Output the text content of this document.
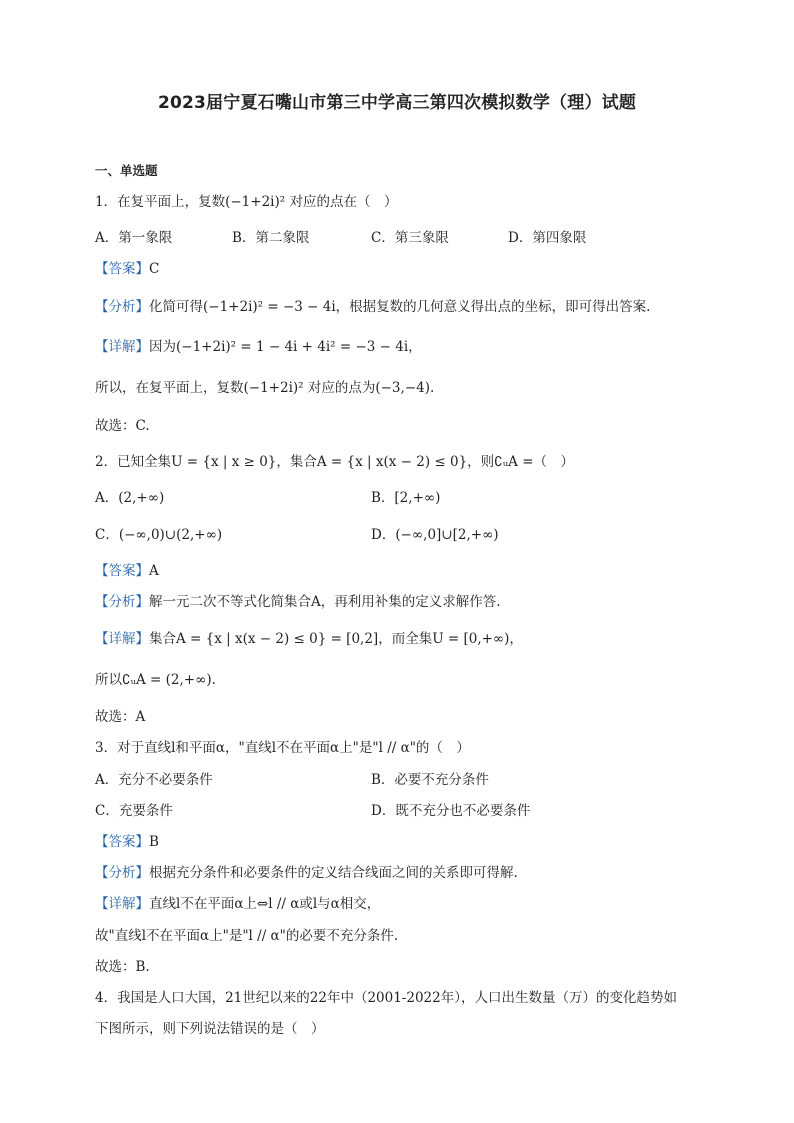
2023届宁夏石嘴山市第三中学高三第四次模拟数学（理）试题
一、单选题
1．在复平面上，复数(−1+2i)² 对应的点在（　）
A．第一象限	B．第二象限	C．第三象限	D．第四象限
【答案】C
【分析】化简可得(−1+2i)² = −3 − 4i，根据复数的几何意义得出点的坐标，即可得出答案.
【详解】因为(−1+2i)² = 1 − 4i + 4i² = −3 − 4i，
所以，在复平面上，复数(−1+2i)² 对应的点为(−3,−4).
故选：C.
2．已知全集U = {x | x ≥ 0}，集合A = {x | x(x − 2) ≤ 0}，则∁ᵤA =（　）
A．(2,+∞)	B．[2,+∞)
C．(−∞,0)∪(2,+∞)	D．(−∞,0]∪[2,+∞)
【答案】A
【分析】解一元二次不等式化简集合A，再利用补集的定义求解作答.
【详解】集合A = {x | x(x − 2) ≤ 0} = [0,2]，而全集U = [0,+∞)，
所以∁ᵤA = (2,+∞).
故选：A
3．对于直线l和平面α，"直线l不在平面α上"是"l // α"的（　）
A．充分不必要条件	B．必要不充分条件
C．充要条件	D．既不充分也不必要条件
【答案】B
【分析】根据充分条件和必要条件的定义结合线面之间的关系即可得解.
【详解】直线l不在平面α上⇔l // α或l与α相交，
故"直线l不在平面α上"是"l // α"的必要不充分条件.
故选：B.
4．我国是人口大国，21世纪以来的22年中（2001-2022年），人口出生数量（万）的变化趋势如
下图所示，则下列说法错误的是（　）
